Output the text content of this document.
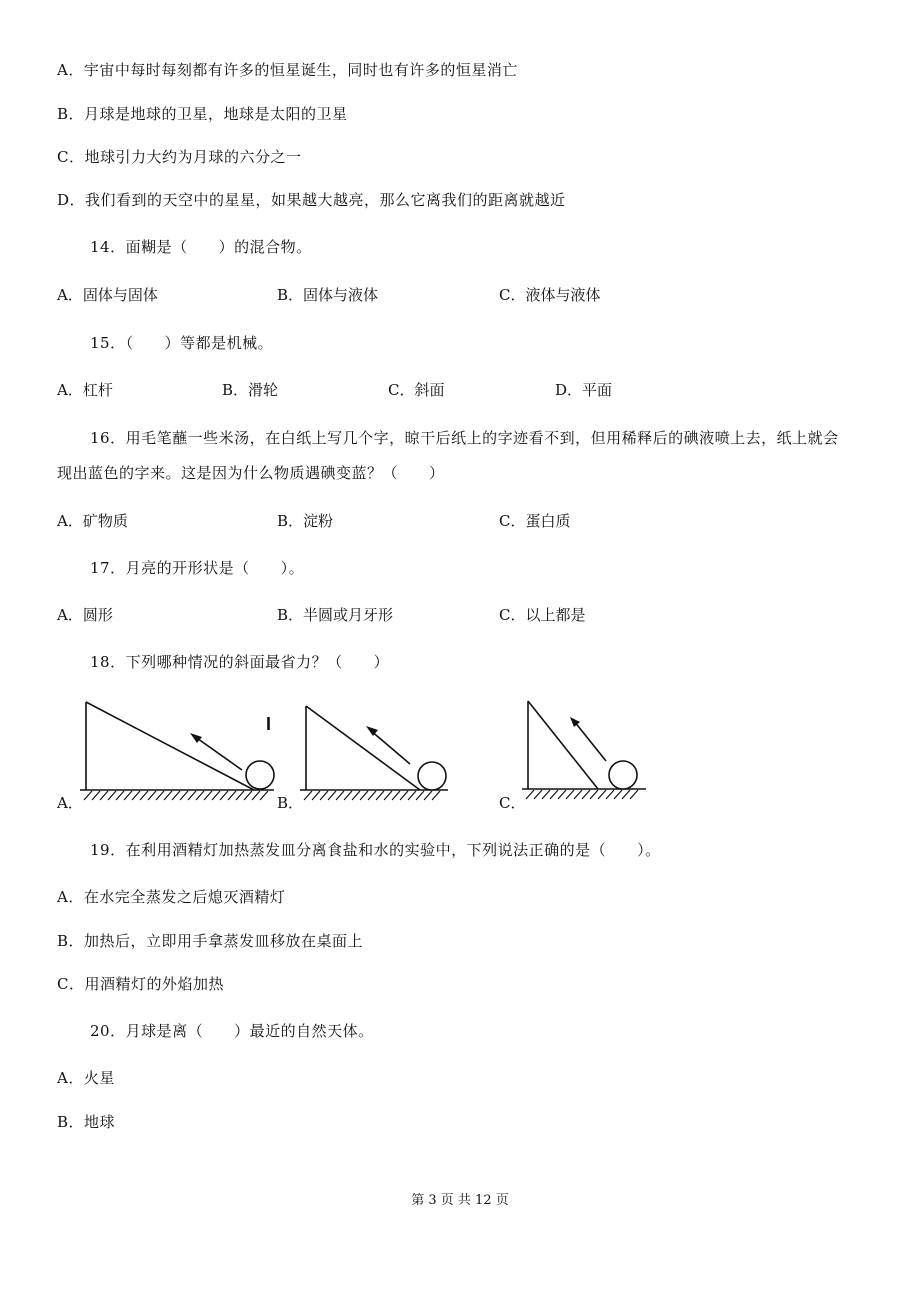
A．宇宙中每时每刻都有许多的恒星诞生，同时也有许多的恒星消亡
B．月球是地球的卫星，地球是太阳的卫星
C．地球引力大约为月球的六分之一
D．我们看到的天空中的星星，如果越大越亮，那么它离我们的距离就越近
14．面糊是（　　）的混合物。
A．固体与固体	B．固体与液体	C．液体与液体
15．（　　）等都是机械。
A．杠杆	B．滑轮	C．斜面	D．平面
16．用毛笔蘸一些米汤，在白纸上写几个字，晾干后纸上的字迹看不到，但用稀释后的碘液喷上去，纸上就会
现出蓝色的字来。这是因为什么物质遇碘变蓝？（　　）
A．矿物质	B．淀粉	C．蛋白质
17．月亮的开形状是（　　）。
A．圆形	B．半圆或月牙形	C．以上都是
18．下列哪种情况的斜面最省力？（　　）
A．
I
B．	C．
19．在利用酒精灯加热蒸发皿分离食盐和水的实验中，下列说法正确的是（　　）。
A．在水完全蒸发之后熄灭酒精灯
B．加热后，立即用手拿蒸发皿移放在桌面上
C．用酒精灯的外焰加热
20．月球是离（　　）最近的自然天体。
A．火星
B．地球
第 3 页 共 12 页
